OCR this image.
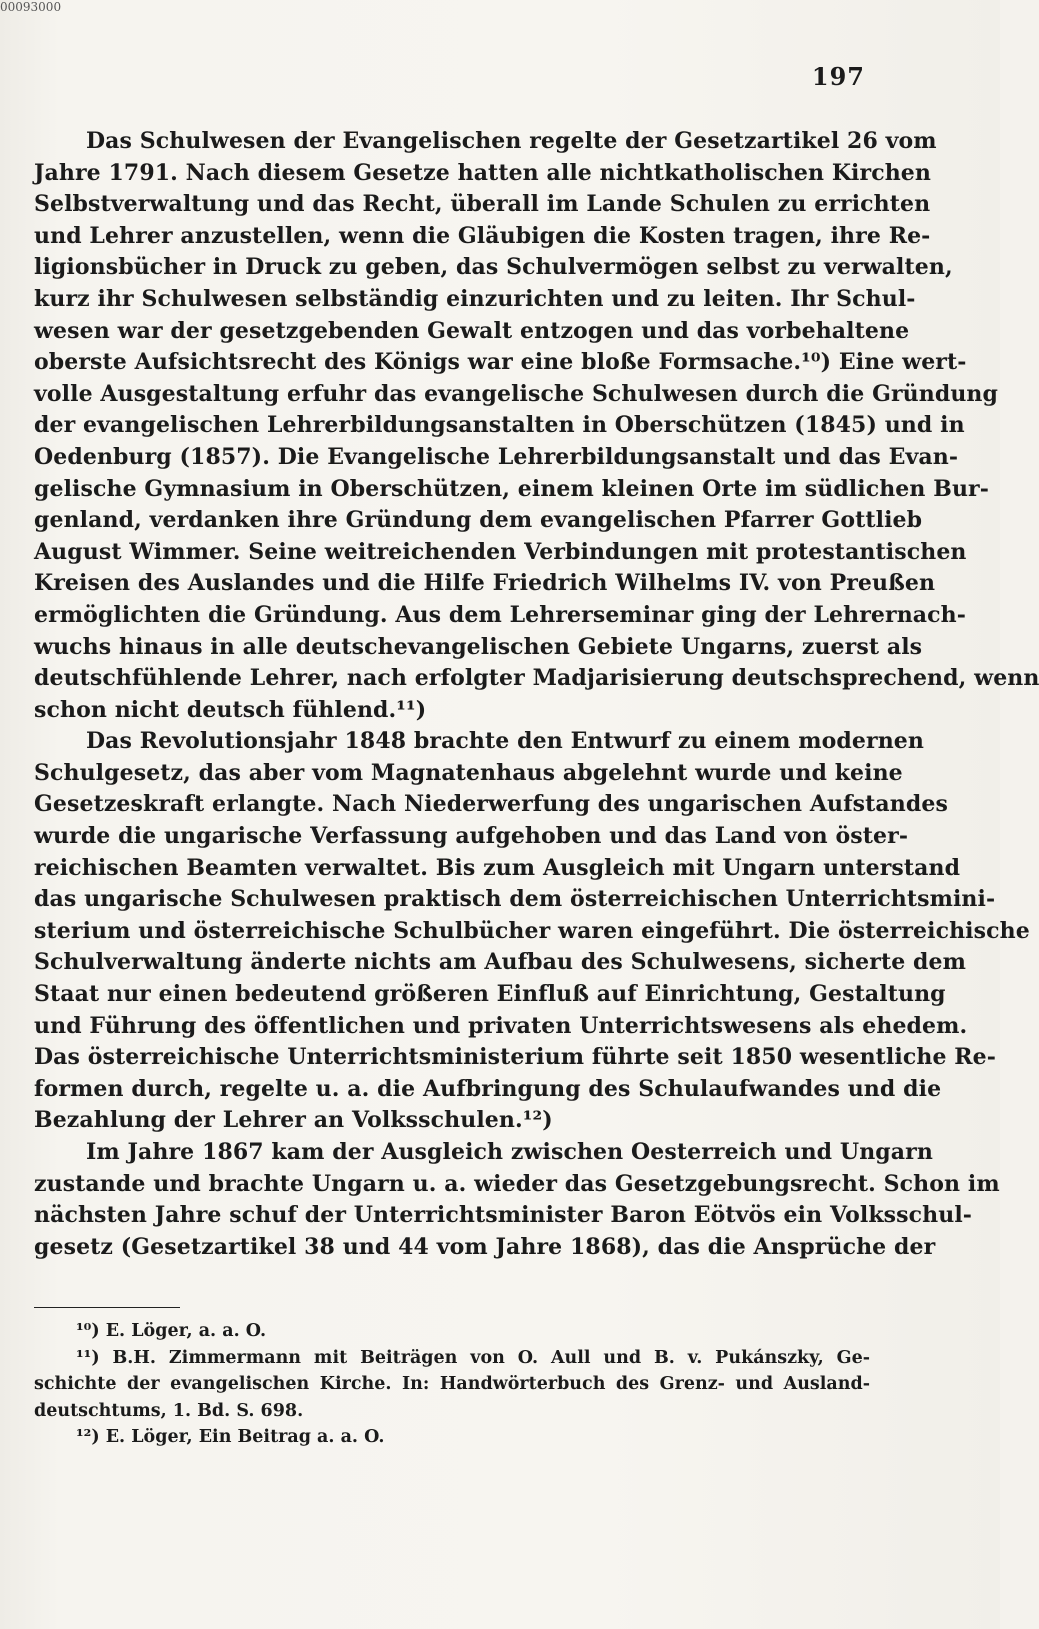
00093000
197
Das Schulwesen der Evangelischen regelte der Gesetzartikel 26 vom
Jahre 1791. Nach diesem Gesetze hatten alle nichtkatholischen Kirchen
Selbstverwaltung und das Recht, überall im Lande Schulen zu errichten
und Lehrer anzustellen, wenn die Gläubigen die Kosten tragen, ihre Re-
ligionsbücher in Druck zu geben, das Schulvermögen selbst zu verwalten,
kurz ihr Schulwesen selbständig einzurichten und zu leiten. Ihr Schul-
wesen war der gesetzgebenden Gewalt entzogen und das vorbehaltene
oberste Aufsichtsrecht des Königs war eine bloße Formsache.¹⁰) Eine wert-
volle Ausgestaltung erfuhr das evangelische Schulwesen durch die Gründung
der evangelischen Lehrerbildungsanstalten in Oberschützen (1845) und in
Oedenburg (1857). Die Evangelische Lehrerbildungsanstalt und das Evan-
gelische Gymnasium in Oberschützen, einem kleinen Orte im südlichen Bur-
genland, verdanken ihre Gründung dem evangelischen Pfarrer Gottlieb
August Wimmer. Seine weitreichenden Verbindungen mit protestantischen
Kreisen des Auslandes und die Hilfe Friedrich Wilhelms IV. von Preußen
ermöglichten die Gründung. Aus dem Lehrerseminar ging der Lehrernach-
wuchs hinaus in alle deutschevangelischen Gebiete Ungarns, zuerst als
deutschfühlende Lehrer, nach erfolgter Madjarisierung deutschsprechend, wenn
schon nicht deutsch fühlend.¹¹)
Das Revolutionsjahr 1848 brachte den Entwurf zu einem modernen
Schulgesetz, das aber vom Magnatenhaus abgelehnt wurde und keine
Gesetzeskraft erlangte. Nach Niederwerfung des ungarischen Aufstandes
wurde die ungarische Verfassung aufgehoben und das Land von öster-
reichischen Beamten verwaltet. Bis zum Ausgleich mit Ungarn unterstand
das ungarische Schulwesen praktisch dem österreichischen Unterrichtsmini-
sterium und österreichische Schulbücher waren eingeführt. Die österreichische
Schulverwaltung änderte nichts am Aufbau des Schulwesens, sicherte dem
Staat nur einen bedeutend größeren Einfluß auf Einrichtung, Gestaltung
und Führung des öffentlichen und privaten Unterrichtswesens als ehedem.
Das österreichische Unterrichtsministerium führte seit 1850 wesentliche Re-
formen durch, regelte u. a. die Aufbringung des Schulaufwandes und die
Bezahlung der Lehrer an Volksschulen.¹²)
Im Jahre 1867 kam der Ausgleich zwischen Oesterreich und Ungarn
zustande und brachte Ungarn u. a. wieder das Gesetzgebungsrecht. Schon im
nächsten Jahre schuf der Unterrichtsminister Baron Eötvös ein Volksschul-
gesetz (Gesetzartikel 38 und 44 vom Jahre 1868), das die Ansprüche der
¹⁰) E. Löger, a. a. O.
¹¹) B.H. Zimmermann mit Beiträgen von O. Aull und B. v. Pukánszky, Ge-
schichte der evangelischen Kirche. In: Handwörterbuch des Grenz- und Ausland-
deutschtums, 1. Bd. S. 698.
¹²) E. Löger, Ein Beitrag a. a. O.
